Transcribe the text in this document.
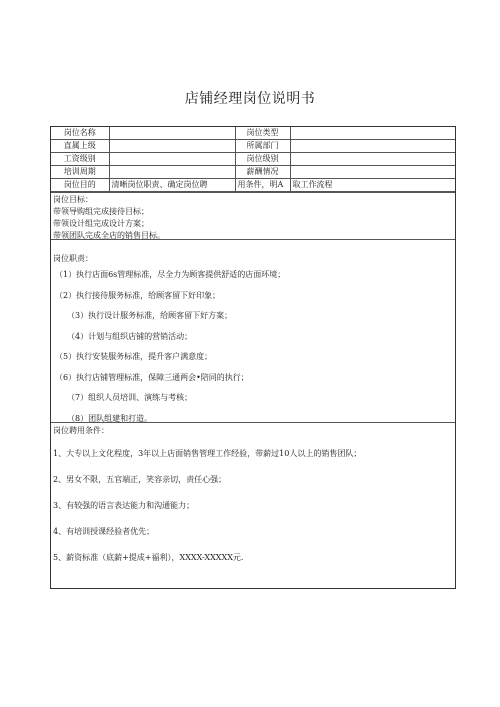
店铺经理岗位说明书
岗位名称		岗位类型	
直属上级		所属部门	
工资级别		岗位级别	
培训周期		薪酬情况	
岗位目的	清晰岗位职责、确定岗位聘	用条件，明A	取工作流程
岗位目标：
带领导购组完成接待目标；
带领设计组完成设计方案；
带领团队完成全店的销售目标。
岗位职责：
（1）执行店面6s管理标准，尽全力为顾客提供舒适的店面环境；
（2）执行接待服务标准，给顾客留下好印象；
（3）执行设计服务标准，给顾客留下好方案；
（4）计划与组织店铺的营销活动；
（5）执行安装服务标准，提升客户满意度；
（6）执行店铺管理标准，保障三通两会•陪同的执行；
（7）组织人员培训、演练与考核；
（8）团队组建和打造。
岗位聘用条件：
1、大专以上文化程度，3年以上店面销售管理工作经验，带薪过10人以上的销售团队；
2、男女不限，五官端正，笑容亲切，责任心强；
3、有较强的语言表达能力和沟通能力；
4、有培训授课经验者优先；
5、薪资标准（底薪+提成+福利），XXXX-XXXXX元.
